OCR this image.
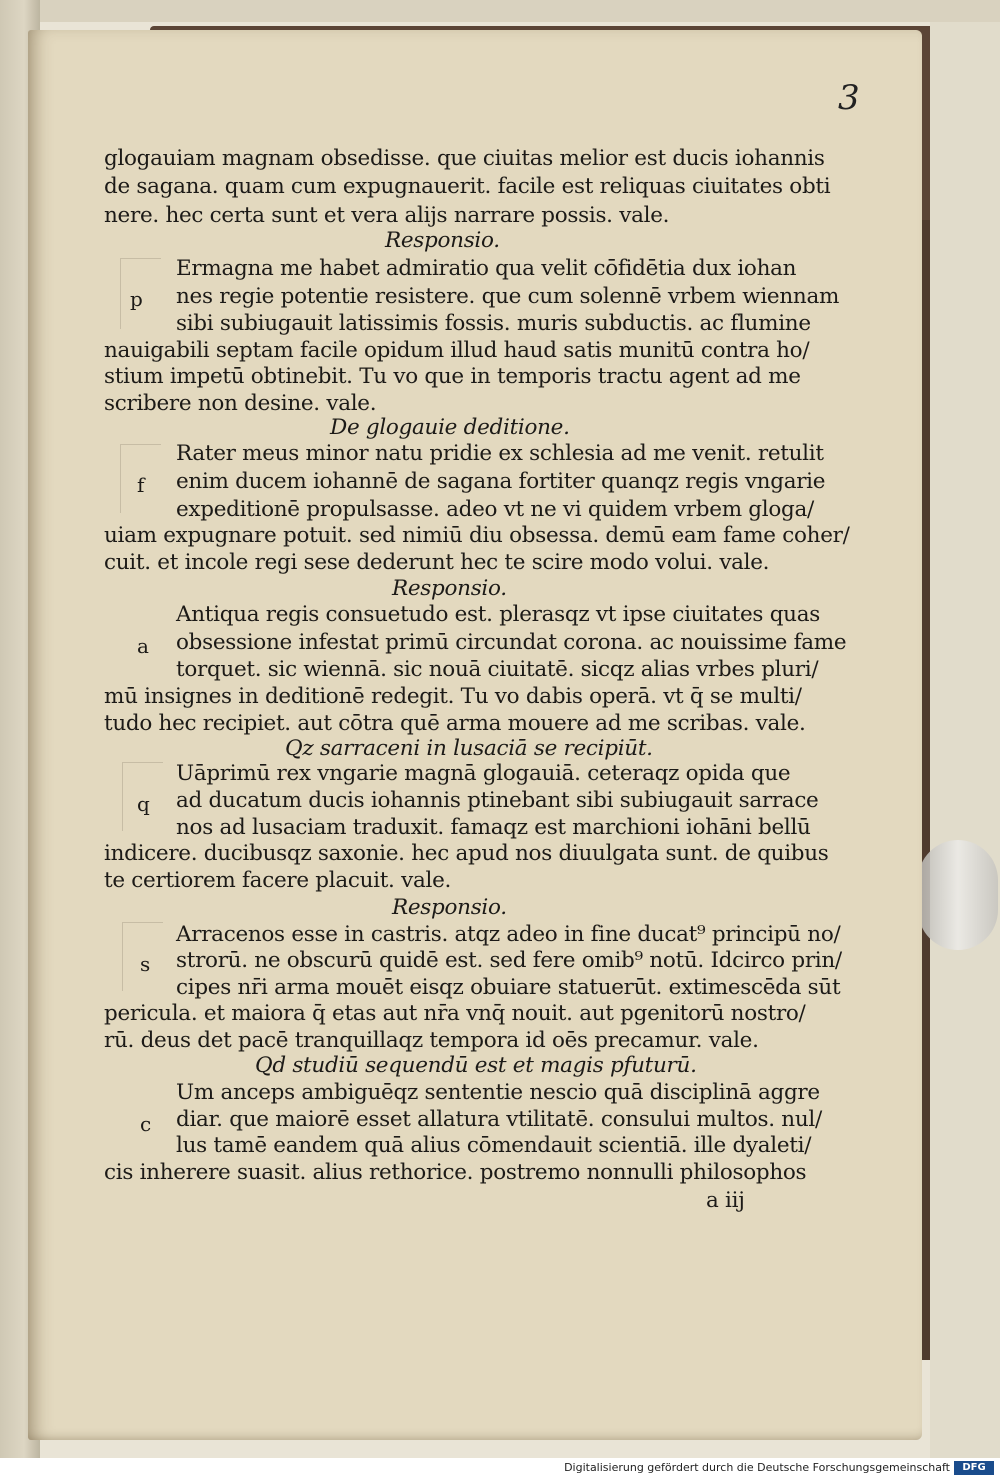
3
glogauiam magnam obsedisse. que ciuitas melior est ducis iohannis
de sagana. quam cum expugnauerit. facile est reliquas ciuitates obti
nere. hec certa sunt et vera alijs narrare possis. vale.
Responsio.
p
Ermagna me habet admiratio qua velit cōfidētia dux iohan
nes regie potentie resistere. que cum solennē vrbem wiennam
sibi subiugauit latissimis fossis. muris subductis. ac flumine
nauigabili septam facile opidum illud haud satis munitū contra ho/
stium impetū obtinebit. Tu vo que in temporis tractu agent ad me
scribere non desine. vale.
De glogauie deditione.
f
Rater meus minor natu pridie ex schlesia ad me venit. retulit
enim ducem iohannē de sagana fortiter quanqz regis vngarie
expeditionē propulsasse. adeo vt ne vi quidem vrbem gloga/
uiam expugnare potuit. sed nimiū diu obsessa. demū eam fame coher/
cuit. et incole regi sese dederunt hec te scire modo volui. vale.
Responsio.
a
Antiqua regis consuetudo est. plerasqz vt ipse ciuitates quas
obsessione infestat primū circundat corona. ac nouissime fame
torquet. sic wiennā. sic nouā ciuitatē. sicqz alias vrbes pluri/
mū insignes in deditionē redegit. Tu vo dabis operā. vt q̄ se multi/
tudo hec recipiet. aut cōtra quē arma mouere ad me scribas. vale.
Qz sarraceni in lusaciā se recipiūt.
q
Uāprimū rex vngarie magnā glogauiā. ceteraqz opida que
ad ducatum ducis iohannis ptinebant sibi subiugauit sarrace
nos ad lusaciam traduxit. famaqz est marchioni iohāni bellū
indicere. ducibusqz saxonie. hec apud nos diuulgata sunt. de quibus
te certiorem facere placuit. vale.
Responsio.
s
Arracenos esse in castris. atqz adeo in fine ducat⁹ principū no/
strorū. ne obscurū quidē est. sed fere omib⁹ notū. Idcirco prin/
cipes nr̄i arma mouēt eisqz obuiare statuerūt. extimescēda sūt
pericula. et maiora q̄ etas aut nr̄a vnq̄ nouit. aut pgenitorū nostro/
rū. deus det pacē tranquillaqz tempora id oēs precamur. vale.
Qd studiū sequendū est et magis pfuturū.
c
Um anceps ambiguēqz sententie nescio quā disciplinā aggre
diar. que maiorē esset allatura vtilitatē. consului multos. nul/
lus tamē eandem quā alius cōmendauit scientiā. ille dyaleti/
cis inherere suasit. alius rethorice. postremo nonnulli philosophos
a iij
Digitalisierung gefördert durch die Deutsche Forschungsgemeinschaft	DFG
